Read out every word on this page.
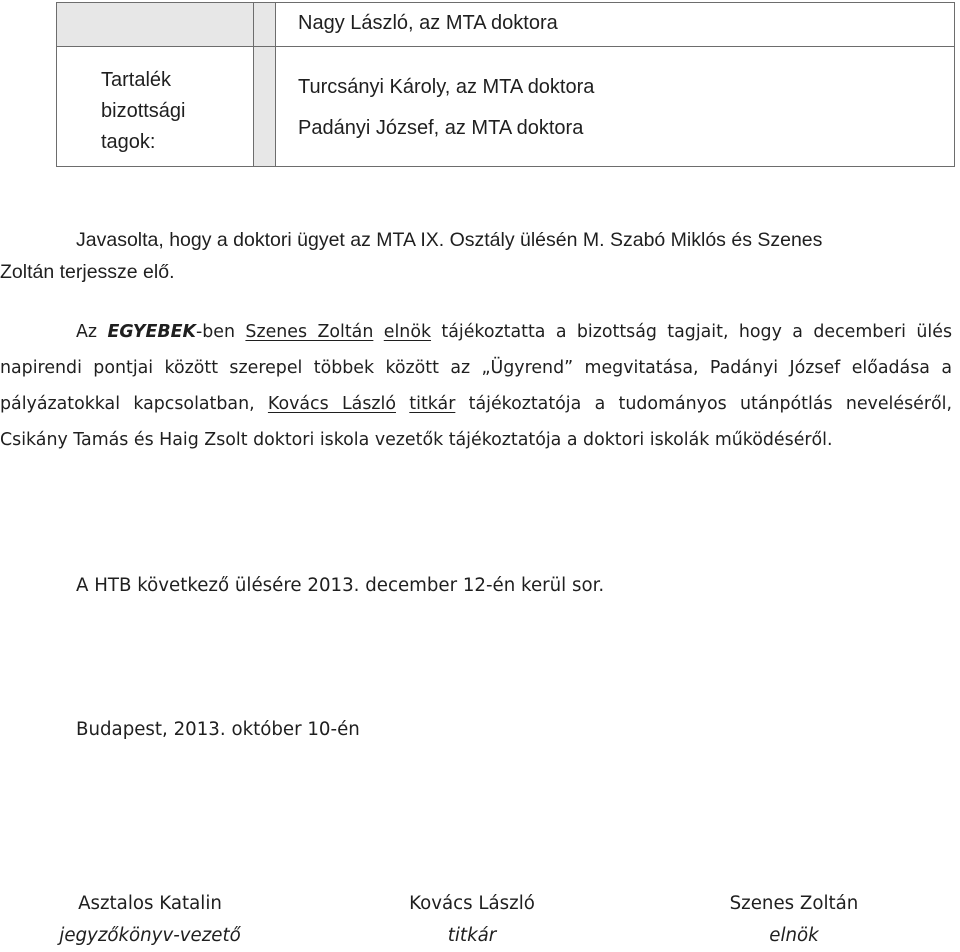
		Nagy László, az MTA doktora

Tartalék
bizottsági
tagok:		Turcsányi Károly, az MTA doktora
Padányi József, az MTA doktora
Javasolta, hogy a doktori ügyet az MTA IX. Osztály ülésén M. Szabó Miklós és Szenes
Zoltán terjessze elő.

Az EGYEBEK-ben Szenes Zoltán elnök tájékoztatta a bizottság tagjait, hogy a decemberi ülés napirendi pontjai között szerepel többek között az „Ügyrend” megvitatása, Padányi József előadása a pályázatokkal kapcsolatban, Kovács László titkár tájékoztatója a tudományos utánpótlás neveléséről, Csikány Tamás és Haig Zsolt doktori iskola vezetők tájékoztatója a doktori iskolák működéséről.

A HTB következő ülésére 2013. december 12-én kerül sor.
Budapest, 2013. október 10-én
Asztalos Katalin
jegyzőkönyv-vezető
Kovács László
titkár
Szenes Zoltán
elnök
